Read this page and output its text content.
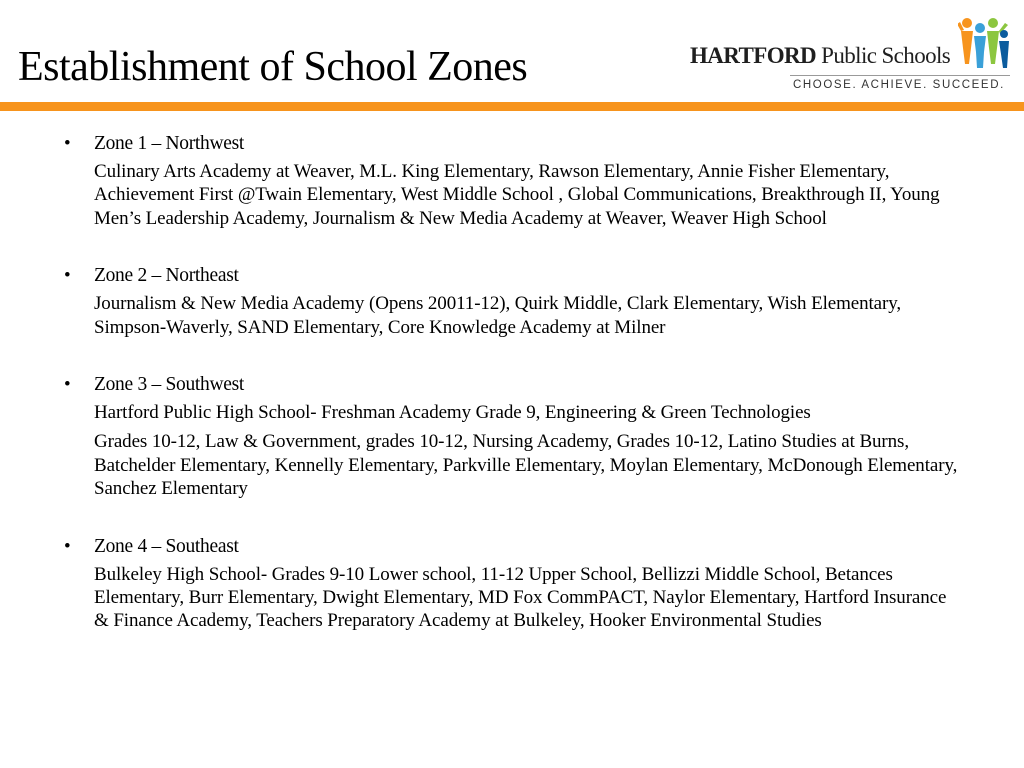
Establishment of School Zones	HARTFORD Public Schools
CHOOSE. ACHIEVE. SUCCEED.
•	Zone 1 – Northwest

Culinary Arts Academy at Weaver, M.L. King Elementary, Rawson Elementary, Annie Fisher Elementary, Achievement First @Twain Elementary, West Middle School , Global Communications, Breakthrough II, Young Men’s Leadership Academy, Journalism & New Media Academy at Weaver, Weaver High School

•	Zone 2 – Northeast

Journalism & New Media Academy (Opens 20011-12), Quirk Middle, Clark Elementary, Wish Elementary, Simpson-Waverly, SAND Elementary, Core Knowledge Academy at Milner

•	Zone 3 – Southwest

Hartford Public High School- Freshman Academy Grade 9, Engineering & Green Technologies

Grades 10-12, Law & Government, grades 10-12, Nursing Academy, Grades 10-12, Latino Studies at Burns, Batchelder Elementary, Kennelly Elementary, Parkville Elementary, Moylan Elementary, McDonough Elementary, Sanchez Elementary

•	Zone 4 – Southeast

Bulkeley High School- Grades 9-10 Lower school, 11-12 Upper School, Bellizzi Middle School, Betances Elementary, Burr Elementary, Dwight Elementary, MD Fox CommPACT, Naylor Elementary, Hartford Insurance & Finance Academy, Teachers Preparatory Academy at Bulkeley, Hooker Environmental Studies
